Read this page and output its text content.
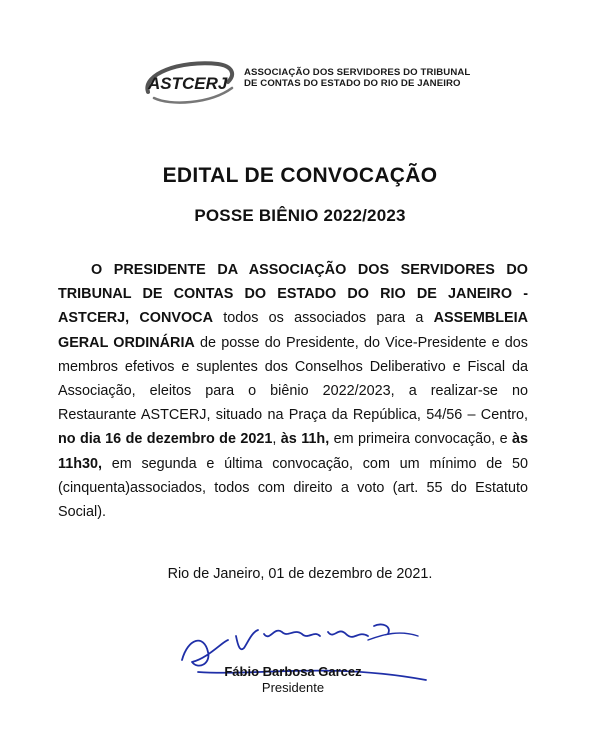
ASTCERJ
ASSOCIAÇÃO DOS SERVIDORES DO TRIBUNAL
DE CONTAS DO ESTADO DO RIO DE JANEIRO
EDITAL DE CONVOCAÇÃO
POSSE BIÊNIO 2022/2023
O PRESIDENTE DA ASSOCIAÇÃO DOS SERVIDORES DO TRIBUNAL DE CONTAS DO ESTADO DO RIO DE JANEIRO - ASTCERJ, CONVOCA todos os associados para a ASSEMBLEIA GERAL ORDINÁRIA de posse do Presidente, do Vice-Presidente e dos membros efetivos e suplentes dos Conselhos Deliberativo e Fiscal da Associação, eleitos para o biênio 2022/2023, a realizar-se no Restaurante ASTCERJ, situado na Praça da República, 54/56 – Centro, no dia 16 de dezembro de 2021, às 11h, em primeira convocação, e às 11h30, em segunda e última convocação, com um mínimo de 50 (cinquenta)associados, todos com direito a voto (art. 55 do Estatuto Social).
Rio de Janeiro, 01 de dezembro de 2021.
Fábio Barbosa Garcez
Presidente
